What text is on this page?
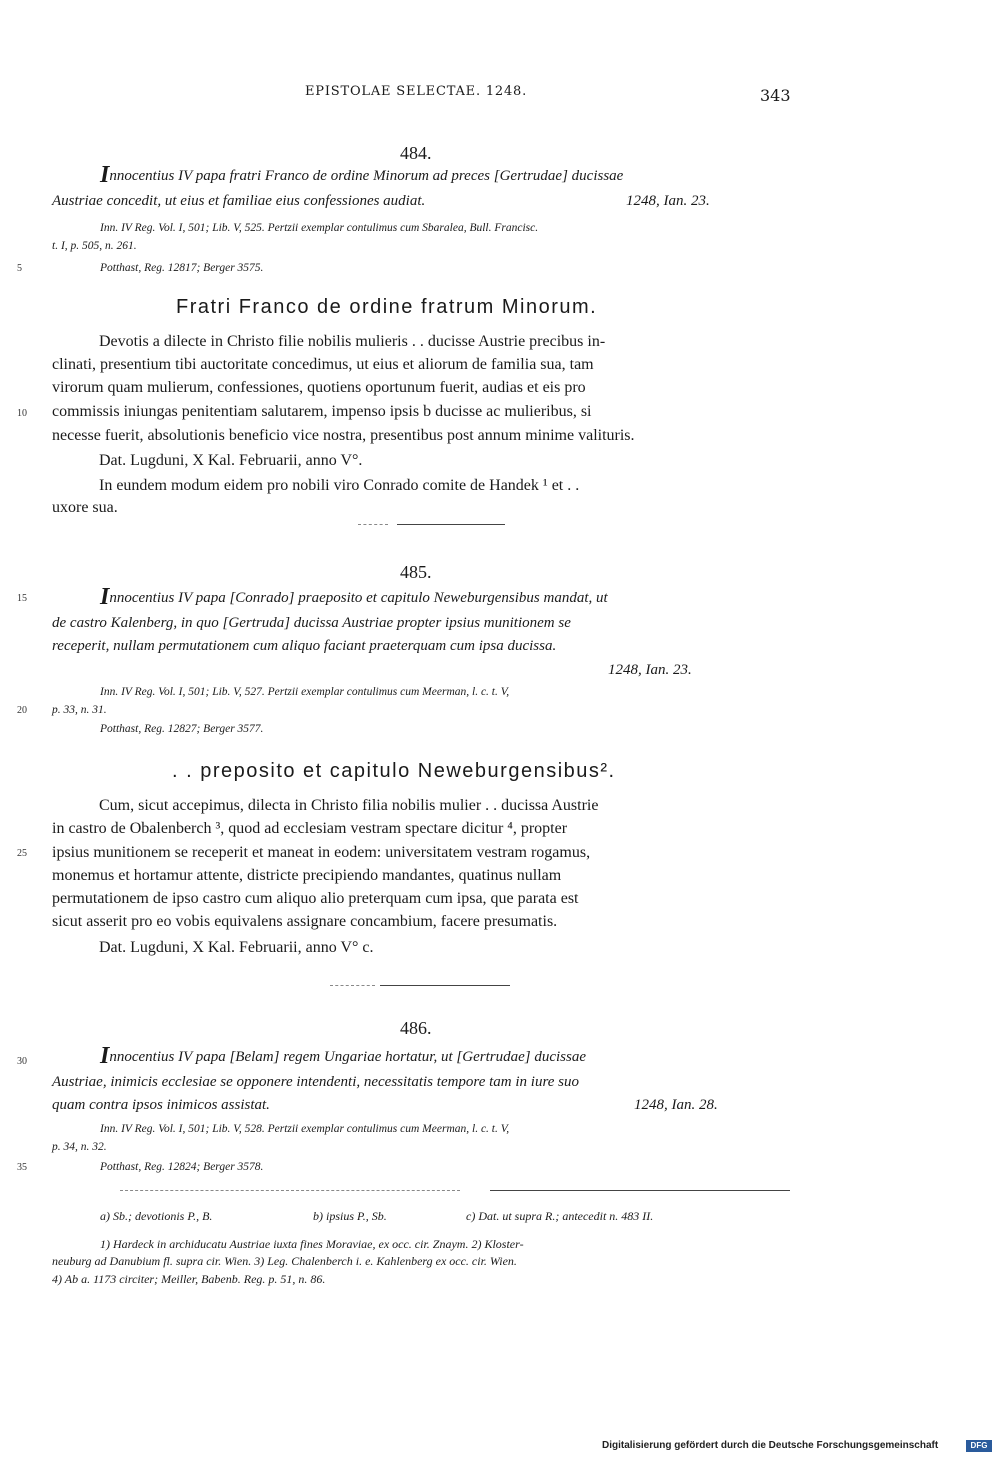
EPISTOLAE SELECTAE. 1248.	343
5
10
15
20
25
30
35
484.
Innocentius IV papa fratri Franco de ordine Minorum ad preces [Gertrudae] ducissae
Austriae concedit, ut eius et familiae eius confessiones audiat.	1248, Ian. 23.
Inn. IV Reg. Vol. I, 501; Lib. V, 525. Pertzii exemplar contulimus cum Sbaralea, Bull. Francisc.
t. I, p. 505, n. 261.
Potthast, Reg. 12817; Berger 3575.
Fratri Franco de ordine fratrum Minorum.
Devotis a dilecte in Christo filie nobilis mulieris . . ducisse Austrie precibus in-
clinati, presentium tibi auctoritate concedimus, ut eius et aliorum de familia sua, tam
virorum quam mulierum, confessiones, quotiens oportunum fuerit, audias et eis pro
commissis iniungas penitentiam salutarem, impenso ipsis b ducisse ac mulieribus, si
necesse fuerit, absolutionis beneficio vice nostra, presentibus post annum minime valituris.
Dat. Lugduni, X Kal. Februarii, anno V°.
In eundem modum eidem pro nobili viro Conrado comite de Handek ¹ et . .
uxore sua.
485.
Innocentius IV papa [Conrado] praeposito et capitulo Neweburgensibus mandat, ut
de castro Kalenberg, in quo [Gertruda] ducissa Austriae propter ipsius munitionem se
receperit, nullam permutationem cum aliquo faciant praeterquam cum ipsa ducissa.
1248, Ian. 23.
Inn. IV Reg. Vol. I, 501; Lib. V, 527. Pertzii exemplar contulimus cum Meerman, l. c. t. V,
p. 33, n. 31.
Potthast, Reg. 12827; Berger 3577.
. . preposito et capitulo Neweburgensibus².
Cum, sicut accepimus, dilecta in Christo filia nobilis mulier . . ducissa Austrie
in castro de Obalenberch ³, quod ad ecclesiam vestram spectare dicitur ⁴, propter
ipsius munitionem se receperit et maneat in eodem: universitatem vestram rogamus,
monemus et hortamur attente, districte precipiendo mandantes, quatinus nullam
permutationem de ipso castro cum aliquo alio preterquam cum ipsa, que parata est
sicut asserit pro eo vobis equivalens assignare concambium, facere presumatis.
Dat. Lugduni, X Kal. Februarii, anno V° c.
486.
Innocentius IV papa [Belam] regem Ungariae hortatur, ut [Gertrudae] ducissae
Austriae, inimicis ecclesiae se opponere intendenti, necessitatis tempore tam in iure suo
quam contra ipsos inimicos assistat.	1248, Ian. 28.
Inn. IV Reg. Vol. I, 501; Lib. V, 528. Pertzii exemplar contulimus cum Meerman, l. c. t. V,
p. 34, n. 32.
Potthast, Reg. 12824; Berger 3578.
a) Sb.; devotionis P., B.	b) ipsius P., Sb.	c) Dat. ut supra R.; antecedit n. 483 II.
1) Hardeck in archiducatu Austriae iuxta fines Moraviae, ex occ. cir. Znaym. 2) Kloster-
neuburg ad Danubium fl. supra cir. Wien. 3) Leg. Chalenberch i. e. Kahlenberg ex occ. cir. Wien.
4) Ab a. 1173 circiter; Meiller, Babenb. Reg. p. 51, n. 86.
Digitalisierung gefördert durch die Deutsche Forschungsgemeinschaft	DFG
